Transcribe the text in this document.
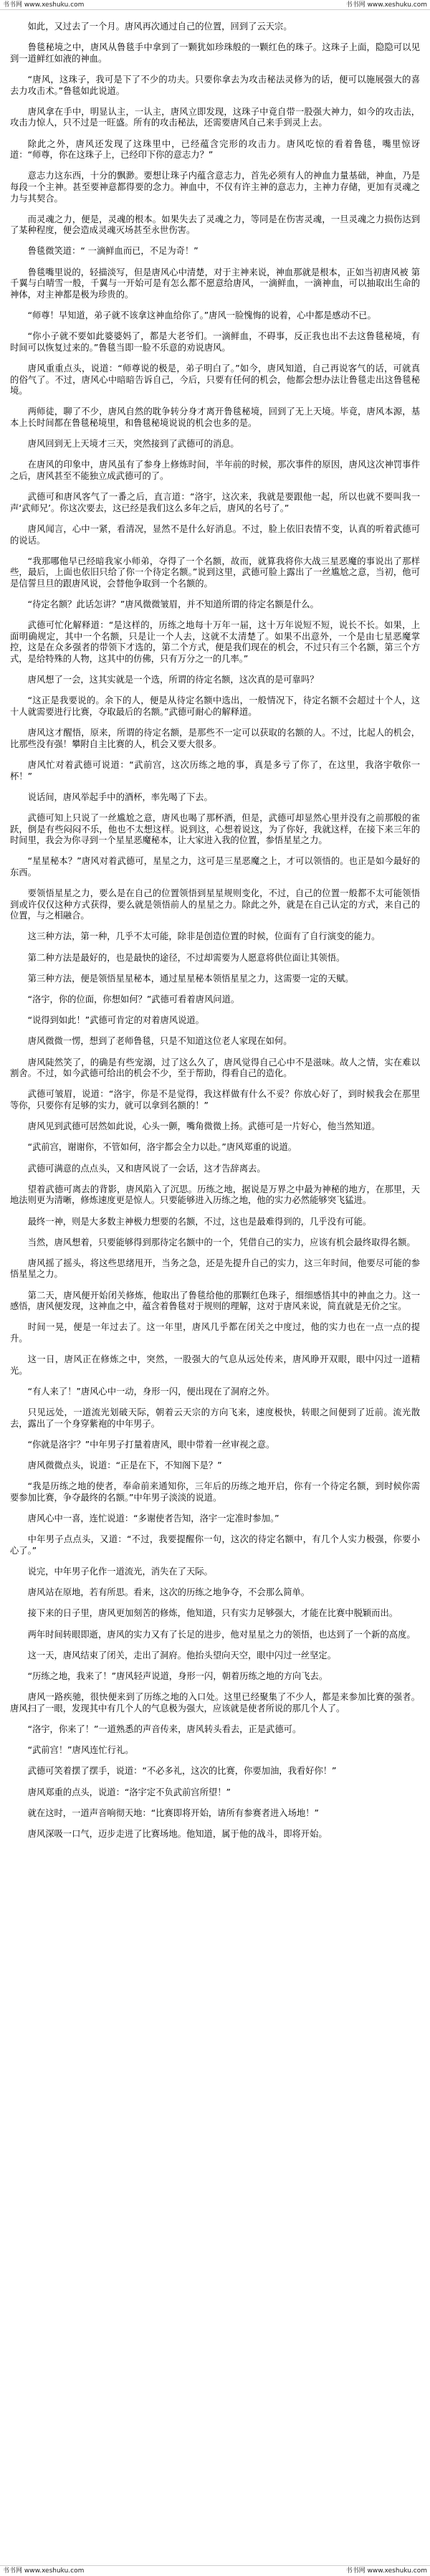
书书网 www.xeshuku.com	书书网 www.xeshuku.com

如此，又过去了一个月。唐风再次通过自己的位置，回到了云天宗。

鲁毯秘境之中，唐风从鲁毯手中拿到了一颗犹如珍珠般的一颗红色的珠子。这珠子上面，隐隐可以见到一道鲜红如液的神血。

“唐风，这珠子，我可是下了不少的功夫。只要你拿去为攻击秘法灵修为的话，便可以施展强大的喜去力攻击术。”鲁毯如此说道。

唐风拿在手中，明显认主，一认主，唐风立即发现，这珠子中竟自带一股强大神力，如今的攻击法，攻击力惊人，只不过是一旺盛。所有的攻击秘法，还需要唐风自己来手到灵上去。

除此之外，唐风还发现了这珠里中，已经蕴含完形的攻击力。唐风吃惊的看着鲁毯，嘴里惊讶道：“师尊，你在这珠子上，已经印下你的意志力？”

意志力这东西，十分的飘渺。要想让珠子内蕴含意志力，首先必须有人的神血力量基础，神血，乃是每段一个主神。甚至要神意都得要的念力。神血中，不仅有许主神的意志力，主神力存储，更加有灵魂之力与其契合。

而灵魂之力，便是，灵魂的根本。如果失去了灵魂之力，等同是在伤害灵魂，一旦灵魂之力损伤达到了某种程度，便会造成灵魂灭场甚至永世伤害。

鲁毯微笑道：“ 一滴鲜血而已，不足为奇！”

鲁毯嘴里说的，轻描淡写，但是唐风心中清楚，对于主神来说，神血那就是根本，正如当初唐风被 第千翼与白晴雪一般，千翼与一开始可是有怎么都不愿意给唐风，一滴鲜血，一滴神血，可以抽取出生命的神体，对主神都是极为珍贵的。

“师尊！早知道，弟子就不该拿这神血给你了。”唐风一脸愧悔的说着，心中都是感动不已。

“你小子就不要如此婆婆妈了，都是大老爷们。一滴鲜血，不碍事，反正我也出不去这鲁毯秘境，有时间可以恢复过来的。”鲁毯当即一脸不乐意的劝说唐风。

唐风重重点头，说道：“师尊说的极是，弟子明白了。”如今，唐风知道，自己再说客气的话，可就真的俗气了。不过，唐风心中暗暗告诉自己，今后，只要有任何的机会，他都会想办法让鲁毯走出这鲁毯秘境。

两师徒，聊了不少，唐风自然的耽争转分身才离开鲁毯秘境，回到了无上天境。毕竟，唐风本源，基本上长时间都在鲁毯秘境里，和鲁毯秘境说说的机会也多的是。

唐风回到无上天境才三天，突然接到了武德可的消息。

在唐风的印象中，唐风虽有了参身上修炼时间，半年前的时候，那次事件的原因，唐风这次神罚事件之后，唐风甚至不能独立成武德可的了。

武德可和唐风客气了一番之后，直言道：“洛宇，这次来，我就是要跟他一起，所以也就不要叫我一声‘武师兄’。你这次要去，这已经是我们这么多年之后，唐风的名号了。”

唐风闻言，心中一紧，看清况，显然不是什么好消息。不过，脸上依旧表情不变，认真的听着武德可的说话。

“我那哪他早已经暗我家小师弟，夺得了一个名额，故而，就算我将你大战三星恶魔的事说出了那样些，最后，上面也依旧只给了你一个待定名额。”说到这里，武德可脸上露出了一丝尴尬之意，当初，他可是信誓旦旦的跟唐风说，会替他争取到一个名额的。

“待定名额？此话怎讲？”唐风微微皱眉，并不知道所谓的待定名额是什么。

武德可忙化解释道：“是这样的，历练之地每十万年一届，这十万年说短不短，说长不长。如果，上面明确规定，其中一个名额，只是让一个人去，这就不太清楚了。如果不出意外，一个是由七星恶魔掌控，这是在众多强者的带领下才选的，第二个方式，便是我们现在的机会，不过只有三个名额，第三个方式，是给特殊的人物，这其中的仿佛，只有万分之一的几率。”

唐风想了一会，这其实就是一个选，所谓的待定名额，这次真的是可靠吗？

“这正是我要说的。余下的人，便是从待定名额中选出，一般情况下，待定名额不会超过十个人，这十人就需要进行比赛，夺取最后的名额。”武德可耐心的解释道。

唐风这才醒悟，原来，所谓的待定名额，是那些不一定可以获取的名额的人。不过，比起人的机会，比那些没有强！攀附自主比赛的人，机会又要大很多。

唐风忙对着武德可说道：“武前宫，这次历练之地的事，真是多亏了你了，在这里，我洛宇敬你一杯！”

说话间，唐风举起手中的酒杯，率先喝了下去。

武德可知上只说了一丝尴尬之意，唐风也喝了那杯酒，但是，武德可却显然心里并没有之前那般的雀跃，倒是有些闷闷不乐，他也不太想这样。说到这，心想着说这，为了你好，我就这样，在接下来三年的时间里，我会为你寻到一个星星恶魔秘本，让大家进入我的位置，参悟星星之力。

“星星秘本？”唐风对着武德可，星星之力，这可是三星恶魔之上，才可以领悟的。也正是如今最好的东西。

要领悟星星之力，要么是在自己的位置领悟到星星规则变化，不过，自己的位置一般都不太可能领悟到或许仅仅这种方式获得，要么就是领悟前人的星星之力。除此之外，就是在自己认定的方式，来自己的位置，与之相融合。

这三种方法，第一种，几乎不太可能，除非是创造位置的时候，位面有了自行演变的能力。

第二种方法是最好的，也是最快的途径，不过却需要为人愿意将供位面让其领悟。

第三种方法，便是领悟星星秘本，通过星星秘本领悟星星之力，这需要一定的天赋。

“洛宇，你的位面，你想如何？”武德可看着唐风问道。

“说得到如此！”武德可肯定的对着唐风说道。

唐风微微一愣，想到了老师鲁毯，只是不知道这位老人家现在如何。

唐风陡然笑了，的确是有些宠溺，过了这么久了，唐风觉得自己心中不是滋味。故人之情，实在难以割舍。不过，如今武德可给出的机会不少，至于帮助，得看自己的造化。

武德可皱眉，说道：“洛宇，你是不是觉得，我这样做有什么不妥？你放心好了，到时候我会在那里等你，只要你有足够的实力，就可以拿到名额的！”

唐风见到武德可居然如此说，心头一颤，嘴角微微上扬。武德可是一片好心，他当然知道。

“武前宫，谢谢你，不管如何，洛宇都会全力以赴。”唐风郑重的说道。

武德可满意的点点头，又和唐风说了一会话，这才告辞离去。

望着武德可离去的背影，唐风陷入了沉思。历练之地，据说是万界之中最为神秘的地方，在那里，天地法则更为清晰，修炼速度更是惊人。只要能够进入历练之地，他的实力必然能够突飞猛进。

最终一神，则是大多数主神极力想要的名额，不过，这也是最难得到的，几乎没有可能。

当然，唐风想着，只要能够得到那待定名额中的一个，凭借自己的实力，应该有机会最终取得名额。

唐风摇了摇头，将这些思绪甩开，当务之急，还是先提升自己的实力，这三年时间，他要尽可能的参悟星星之力。

第二天，唐风便开始闭关修炼，他取出了鲁毯给他的那颗红色珠子，细细感悟其中的神血之力。这一感悟，唐风便发现，这神血之中，蕴含着鲁毯对于规则的理解，这对于唐风来说，简直就是无价之宝。

时间一晃，便是一年过去了。这一年里，唐风几乎都在闭关之中度过，他的实力也在一点一点的提升。

这一日，唐风正在修炼之中，突然，一股强大的气息从远处传来，唐风睁开双眼，眼中闪过一道精光。

“有人来了！”唐风心中一动，身形一闪，便出现在了洞府之外。

只见远处，一道流光划破天际，朝着云天宗的方向飞来，速度极快，转眼之间便到了近前。流光散去，露出了一个身穿紫袍的中年男子。

“你就是洛宇？”中年男子打量着唐风，眼中带着一丝审视之意。

唐风微微点头，说道：“正是在下，不知阁下是？”

“我是历练之地的使者，奉命前来通知你，三年后的历练之地开启，你有一个待定名额，到时候你需要参加比赛，争夺最终的名额。”中年男子淡淡的说道。

唐风心中一喜，连忙说道：“多谢使者告知，洛宇一定准时参加。”

中年男子点点头，又道：“不过，我要提醒你一句，这次的待定名额中，有几个人实力极强，你要小心了。”

说完，中年男子化作一道流光，消失在了天际。

唐风站在原地，若有所思。看来，这次的历练之地争夺，不会那么简单。

接下来的日子里，唐风更加刻苦的修炼，他知道，只有实力足够强大，才能在比赛中脱颖而出。

两年时间转眼即逝，唐风的实力又有了长足的进步，他对星星之力的领悟，也达到了一个新的高度。

这一天，唐风结束了闭关，走出了洞府。他抬头望向天空，眼中闪过一丝坚定。

“历练之地，我来了！”唐风轻声说道，身形一闪，朝着历练之地的方向飞去。

唐风一路疾驰，很快便来到了历练之地的入口处。这里已经聚集了不少人，都是来参加比赛的强者。唐风扫了一眼，发现其中有几个人的气息极为强大，应该就是使者所说的那几个人了。

“洛宇，你来了！”一道熟悉的声音传来，唐风转头看去，正是武德可。

“武前宫！”唐风连忙行礼。

武德可笑着摆了摆手，说道：“不必多礼，这次的比赛，你要加油，我看好你！”

唐风郑重的点头，说道：“洛宇定不负武前宫所望！”

就在这时，一道声音响彻天地：“比赛即将开始，请所有参赛者进入场地！”

唐风深吸一口气，迈步走进了比赛场地。他知道，属于他的战斗，即将开始。

书书网 www.xeshuku.com	书书网 www.xeshuku.com
